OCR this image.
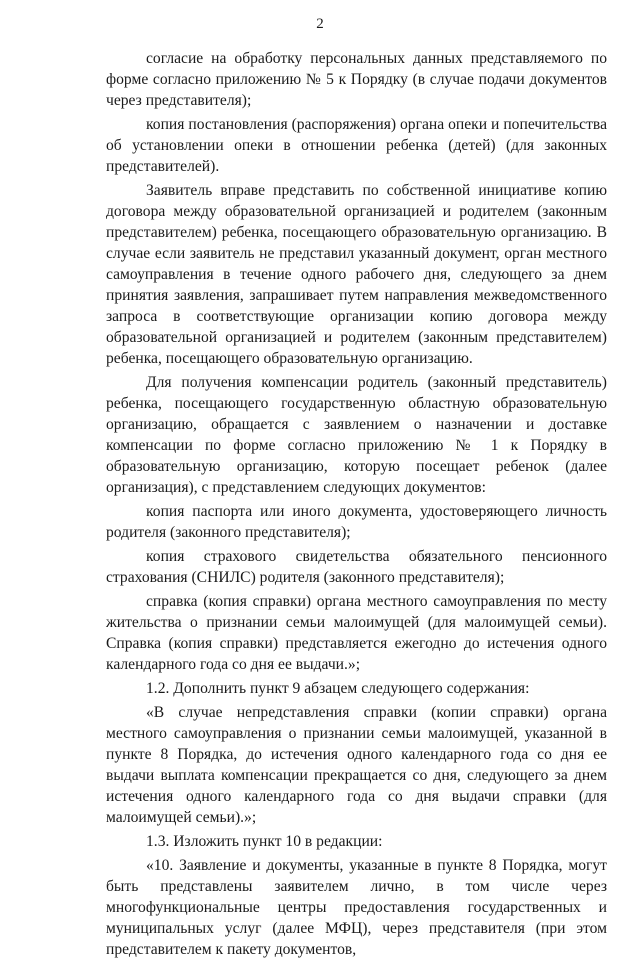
2

согласие на обработку персональных данных представляемого по форме согласно приложению № 5 к Порядку (в случае подачи документов через представителя);

копия постановления (распоряжения) органа опеки и попечительства об установлении опеки в отношении ребенка (детей) (для законных представителей).

Заявитель вправе представить по собственной инициативе копию договора между образовательной организацией и родителем (законным представителем) ребенка, посещающего образовательную организацию. В случае если заявитель не представил указанный документ, орган местного самоуправления в течение одного рабочего дня, следующего за днем принятия заявления, запрашивает путем направления межведомственного запроса в соответствующие организации копию договора между образовательной организацией и родителем (законным представителем) ребенка, посещающего образовательную организацию.

Для получения компенсации родитель (законный представитель) ребенка, посещающего государственную областную образовательную организацию, обращается с заявлением о назначении и доставке компенсации по форме согласно приложению № 1 к Порядку в образовательную организацию, которую посещает ребенок (далее организация), с представлением следующих документов:

копия паспорта или иного документа, удостоверяющего личность родителя (законного представителя);

копия страхового свидетельства обязательного пенсионного страхования (СНИЛС) родителя (законного представителя);

справка (копия справки) органа местного самоуправления по месту жительства о признании семьи малоимущей (для малоимущей семьи). Справка (копия справки) представляется ежегодно до истечения одного календарного года со дня ее выдачи.»;

1.2. Дополнить пункт 9 абзацем следующего содержания:

«В случае непредставления справки (копии справки) органа местного самоуправления о признании семьи малоимущей, указанной в пункте 8 Порядка, до истечения одного календарного года со дня ее выдачи выплата компенсации прекращается со дня, следующего за днем истечения одного календарного года со дня выдачи справки (для малоимущей семьи).»;

1.3. Изложить пункт 10 в редакции:

«10. Заявление и документы, указанные в пункте 8 Порядка, могут быть представлены заявителем лично, в том числе через многофункциональные центры предоставления государственных и муниципальных услуг (далее МФЦ), через представителя (при этом представителем к пакету документов,
